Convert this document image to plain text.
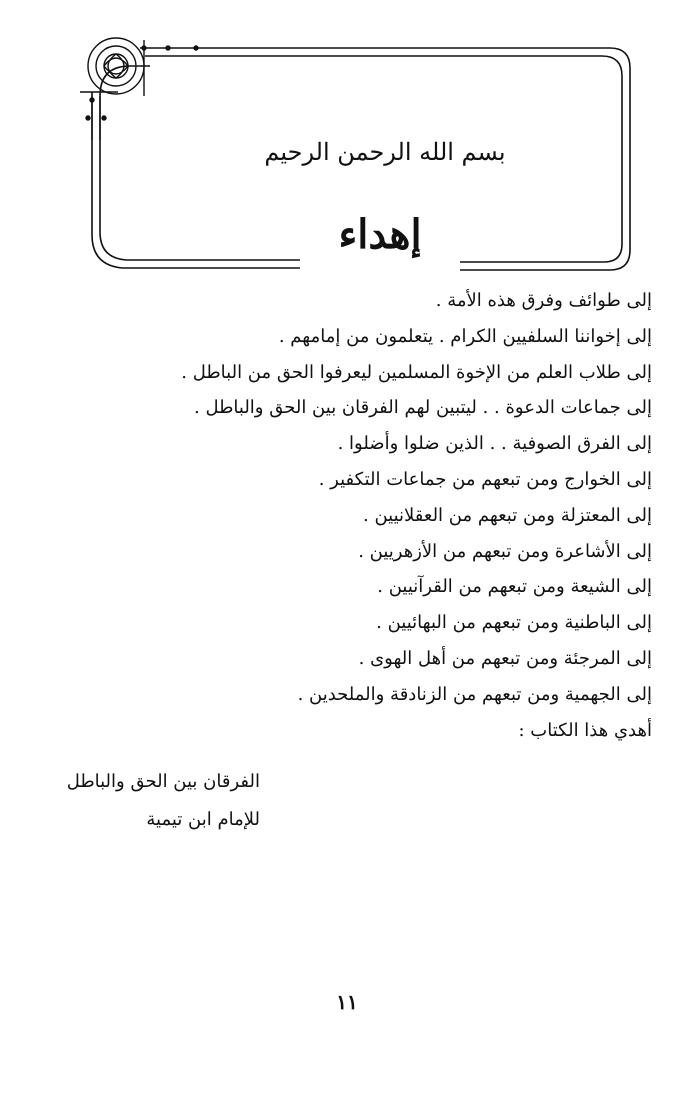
بسم الله الرحمن الرحيم
إهداء
إلى طوائف وفرق هذه الأمة .
إلى إخواننا السلفيين الكرام . يتعلمون من إمامهم .
إلى طلاب العلم من الإخوة المسلمين ليعرفوا الحق من الباطل .
إلى جماعات الدعوة . . ليتبين لهم الفرقان بين الحق والباطل .
إلى الفرق الصوفية . . الذين ضلوا وأضلوا .
إلى الخوارج ومن تبعهم من جماعات التكفير .
إلى المعتزلة ومن تبعهم من العقلانيين .
إلى الأشاعرة ومن تبعهم من الأزهريين .
إلى الشيعة ومن تبعهم من القرآنيين .
إلى الباطنية ومن تبعهم من البهائيين .
إلى المرجئة ومن تبعهم من أهل الهوى .
إلى الجهمية ومن تبعهم من الزنادقة والملحدين .
أهدي هذا الكتاب :
الفرقان بين الحق والباطل
للإمام ابن تيمية
١١
